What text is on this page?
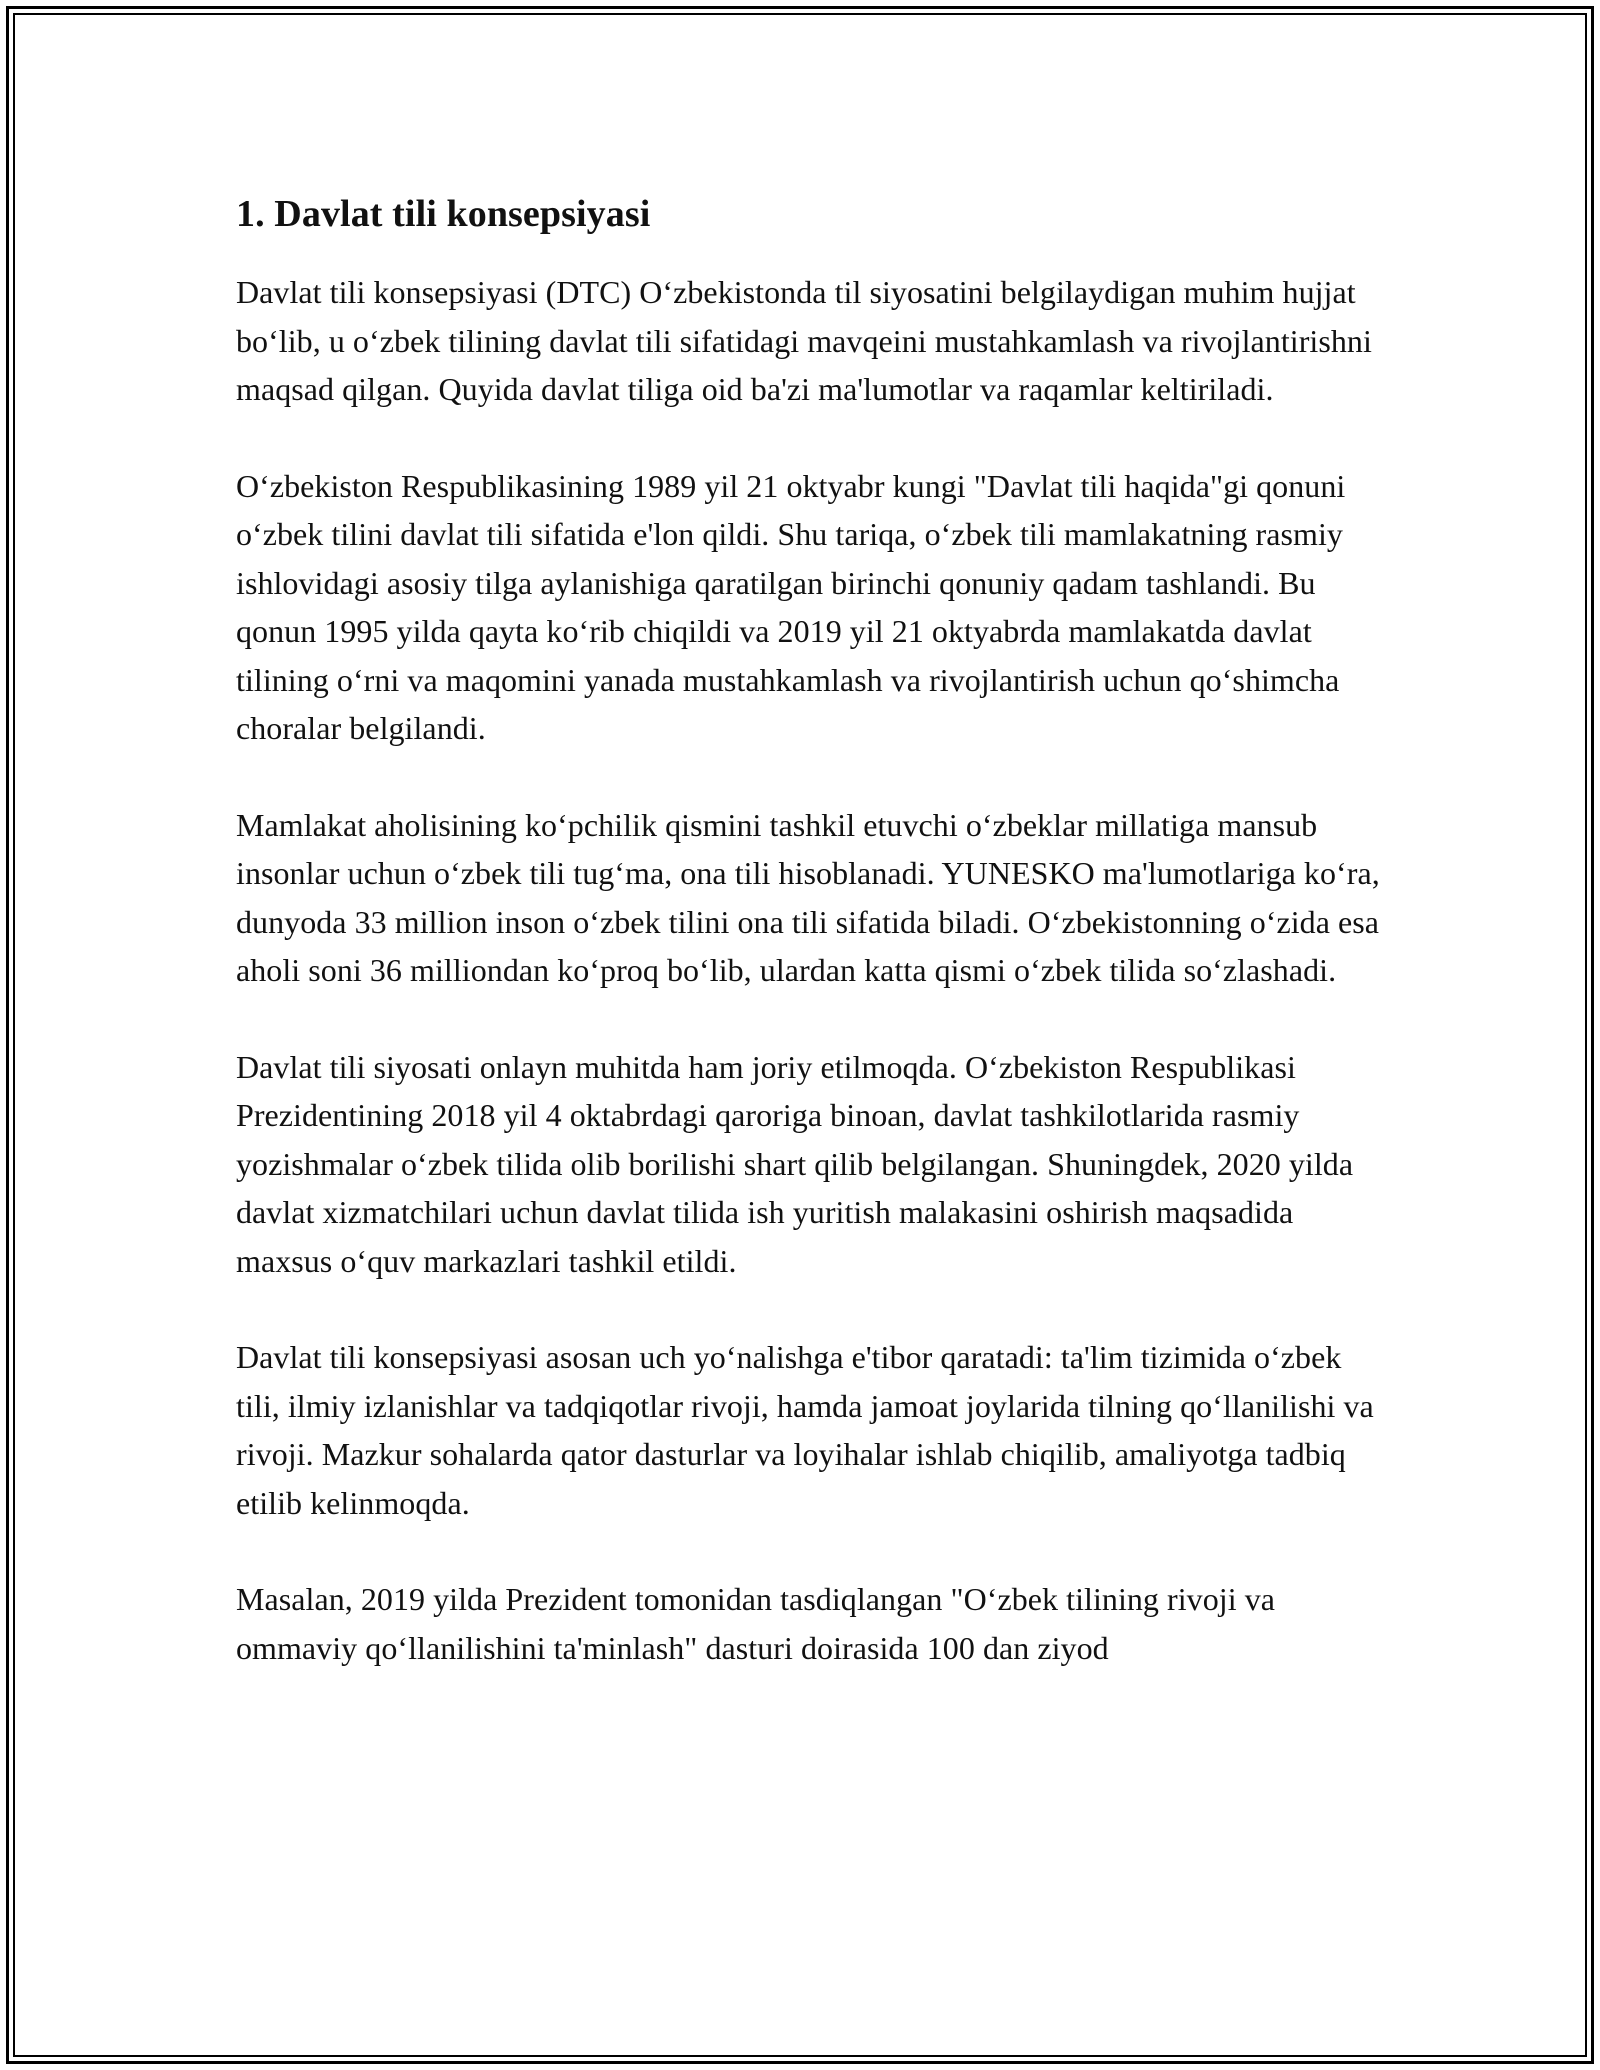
1. Davlat tili konsepsiyasi

Davlat tili konsepsiyasi (DTC) O‘zbekistonda til siyosatini belgilaydigan muhim hujjat bo‘lib, u o‘zbek tilining davlat tili sifatidagi mavqeini mustahkamlash va rivojlantirishni maqsad qilgan. Quyida davlat tiliga oid ba'zi ma'lumotlar va raqamlar keltiriladi.

O‘zbekiston Respublikasining 1989 yil 21 oktyabr kungi "Davlat tili haqida"gi qonuni o‘zbek tilini davlat tili sifatida e'lon qildi. Shu tariqa, o‘zbek tili mamlakatning rasmiy ishlovidagi asosiy tilga aylanishiga qaratilgan birinchi qonuniy qadam tashlandi. Bu qonun 1995 yilda qayta ko‘rib chiqildi va 2019 yil 21 oktyabrda mamlakatda davlat tilining o‘rni va maqomini yanada mustahkamlash va rivojlantirish uchun qo‘shimcha choralar belgilandi.

Mamlakat aholisining ko‘pchilik qismini tashkil etuvchi o‘zbeklar millatiga mansub insonlar uchun o‘zbek tili tug‘ma, ona tili hisoblanadi. YUNESKO ma'lumotlariga ko‘ra, dunyoda 33 million inson o‘zbek tilini ona tili sifatida biladi. O‘zbekistonning o‘zida esa aholi soni 36 milliondan ko‘proq bo‘lib, ulardan katta qismi o‘zbek tilida so‘zlashadi.

Davlat tili siyosati onlayn muhitda ham joriy etilmoqda. O‘zbekiston Respublikasi Prezidentining 2018 yil 4 oktabrdagi qaroriga binoan, davlat tashkilotlarida rasmiy yozishmalar o‘zbek tilida olib borilishi shart qilib belgilangan. Shuningdek, 2020 yilda davlat xizmatchilari uchun davlat tilida ish yuritish malakasini oshirish maqsadida maxsus o‘quv markazlari tashkil etildi.

Davlat tili konsepsiyasi asosan uch yo‘nalishga e'tibor qaratadi: ta'lim tizimida o‘zbek tili, ilmiy izlanishlar va tadqiqotlar rivoji, hamda jamoat joylarida tilning qo‘llanilishi va rivoji. Mazkur sohalarda qator dasturlar va loyihalar ishlab chiqilib, amaliyotga tadbiq etilib kelinmoqda.

Masalan, 2019 yilda Prezident tomonidan tasdiqlangan "O‘zbek tilining rivoji va ommaviy qo‘llanilishini ta'minlash" dasturi doirasida 100 dan ziyod
